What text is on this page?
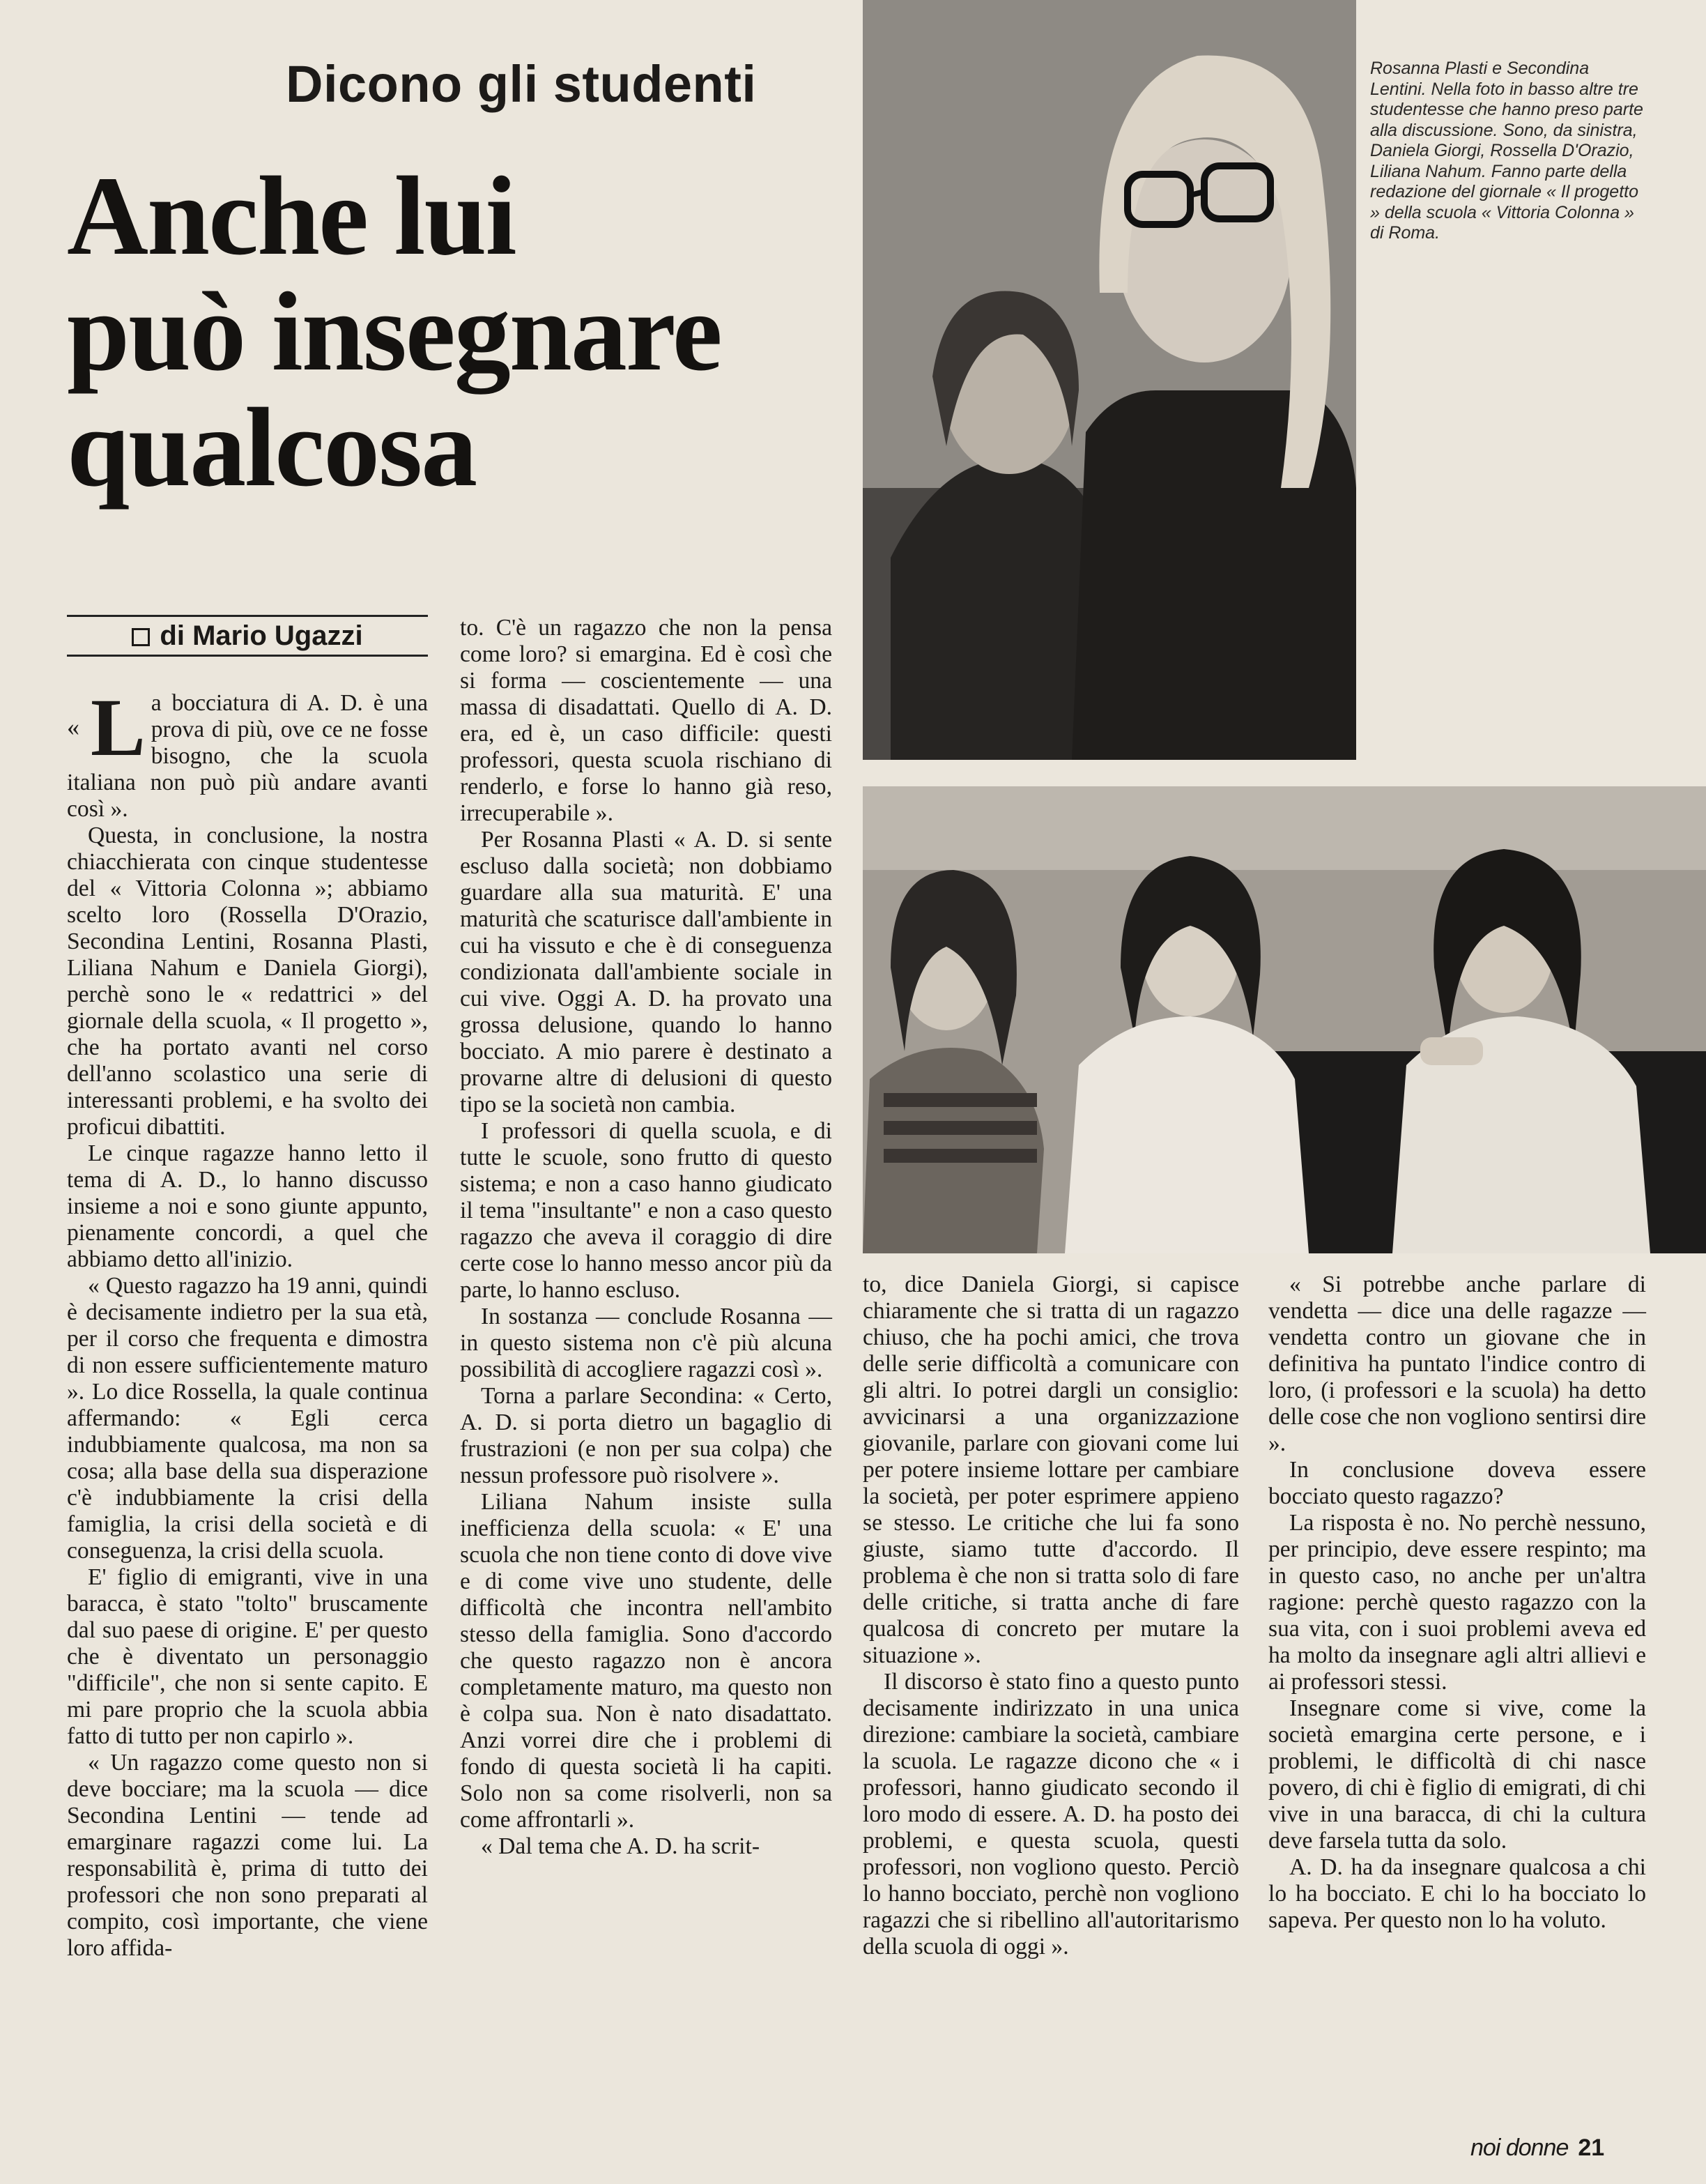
Dicono gli studenti
Anche lui
può insegnare
qualcosa
di Mario Ugazzi
Rosanna Plasti e Secondina Lentini. Nella foto in basso altre tre studentesse che hanno preso parte alla discussione. Sono, da sinistra, Daniela Giorgi, Rossella D'Orazio, Liliana Nahum. Fanno parte della redazione del giornale « Il progetto » della scuola « Vittoria Colonna » di Roma.
« La bocciatura di A. D. è una prova di più, ove ce ne fosse bisogno, che la scuola italiana non può più andare avanti così ».

Questa, in conclusione, la nostra chiacchierata con cinque studentesse del « Vittoria Colonna »; abbiamo scelto loro (Rossella D'Orazio, Secondina Lentini, Rosanna Plasti, Liliana Nahum e Daniela Giorgi), perchè sono le « redattrici » del giornale della scuola, « Il progetto », che ha portato avanti nel corso dell'anno scolastico una serie di interessanti problemi, e ha svolto dei proficui dibattiti.

Le cinque ragazze hanno letto il tema di A. D., lo hanno discusso insieme a noi e sono giunte appunto, pienamente concordi, a quel che abbiamo detto all'inizio.

« Questo ragazzo ha 19 anni, quindi è decisamente indietro per la sua età, per il corso che frequenta e dimostra di non essere sufficientemente maturo ». Lo dice Rossella, la quale continua affermando: « Egli cerca indubbiamente qualcosa, ma non sa cosa; alla base della sua disperazione c'è indubbiamente la crisi della famiglia, la crisi della società e di conseguenza, la crisi della scuola.

E' figlio di emigranti, vive in una baracca, è stato "tolto" bruscamente dal suo paese di origine. E' per questo che è diventato un personaggio "difficile", che non si sente capito. E mi pare proprio che la scuola abbia fatto di tutto per non capirlo ».

« Un ragazzo come questo non si deve bocciare; ma la scuola — dice Secondina Lentini — tende ad emarginare ragazzi come lui. La responsabilità è, prima di tutto dei professori che non sono preparati al compito, così importante, che viene loro affida-

to. C'è un ragazzo che non la pensa come loro? si emargina. Ed è così che si forma — coscientemente — una massa di disadattati. Quello di A. D. era, ed è, un caso difficile: questi professori, questa scuola rischiano di renderlo, e forse lo hanno già reso, irrecuperabile ».

Per Rosanna Plasti « A. D. si sente escluso dalla società; non dobbiamo guardare alla sua maturità. E' una maturità che scaturisce dall'ambiente in cui ha vissuto e che è di conseguenza condizionata dall'ambiente sociale in cui vive. Oggi A. D. ha provato una grossa delusione, quando lo hanno bocciato. A mio parere è destinato a provarne altre di delusioni di questo tipo se la società non cambia.

I professori di quella scuola, e di tutte le scuole, sono frutto di questo sistema; e non a caso hanno giudicato il tema "insultante" e non a caso questo ragazzo che aveva il coraggio di dire certe cose lo hanno messo ancor più da parte, lo hanno escluso.

In sostanza — conclude Rosanna — in questo sistema non c'è più alcuna possibilità di accogliere ragazzi così ».

Torna a parlare Secondina: « Certo, A. D. si porta dietro un bagaglio di frustrazioni (e non per sua colpa) che nessun professore può risolvere ».

Liliana Nahum insiste sulla inefficienza della scuola: « E' una scuola che non tiene conto di dove vive e di come vive uno studente, delle difficoltà che incontra nell'ambito stesso della famiglia. Sono d'accordo che questo ragazzo non è ancora completamente maturo, ma questo non è colpa sua. Non è nato disadattato. Anzi vorrei dire che i problemi di fondo di questa società li ha capiti. Solo non sa come risolverli, non sa come affrontarli ».

« Dal tema che A. D. ha scrit-

to, dice Daniela Giorgi, si capisce chiaramente che si tratta di un ragazzo chiuso, che ha pochi amici, che trova delle serie difficoltà a comunicare con gli altri. Io potrei dargli un consiglio: avvicinarsi a una organizzazione giovanile, parlare con giovani come lui per potere insieme lottare per cambiare la società, per poter esprimere appieno se stesso. Le critiche che lui fa sono giuste, siamo tutte d'accordo. Il problema è che non si tratta solo di fare delle critiche, si tratta anche di fare qualcosa di concreto per mutare la situazione ».

Il discorso è stato fino a questo punto decisamente indirizzato in una unica direzione: cambiare la società, cambiare la scuola. Le ragazze dicono che « i professori, hanno giudicato secondo il loro modo di essere. A. D. ha posto dei problemi, e questa scuola, questi professori, non vogliono questo. Perciò lo hanno bocciato, perchè non vogliono ragazzi che si ribellino all'autoritarismo della scuola di oggi ».

« Si potrebbe anche parlare di vendetta — dice una delle ragazze — vendetta contro un giovane che in definitiva ha puntato l'indice contro di loro, (i professori e la scuola) ha detto delle cose che non vogliono sentirsi dire ».

In conclusione doveva essere bocciato questo ragazzo?

La risposta è no. No perchè nessuno, per principio, deve essere respinto; ma in questo caso, no anche per un'altra ragione: perchè questo ragazzo con la sua vita, con i suoi problemi aveva ed ha molto da insegnare agli altri allievi e ai professori stessi.

Insegnare come si vive, come la società emargina certe persone, e i problemi, le difficoltà di chi nasce povero, di chi è figlio di emigrati, di chi vive in una baracca, di chi la cultura deve farsela tutta da solo.

A. D. ha da insegnare qualcosa a chi lo ha bocciato. E chi lo ha bocciato lo sapeva. Per questo non lo ha voluto.

noi donne 21
